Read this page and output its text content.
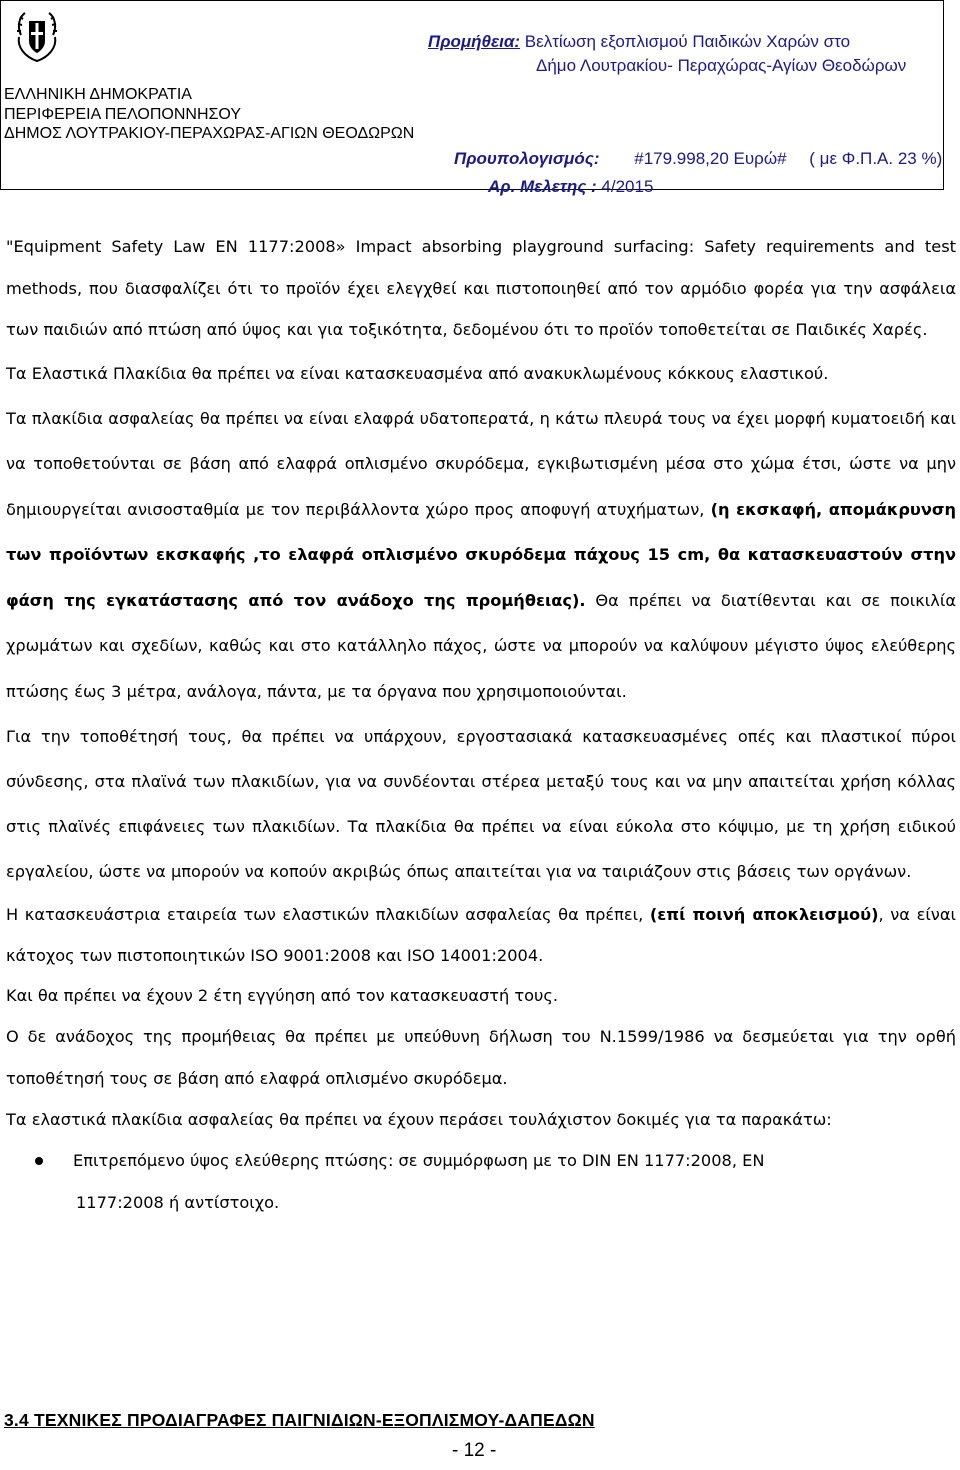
ΕΛΛΗΝΙΚΗ ΔΗΜΟΚΡΑΤΙΑ
ΠΕΡΙΦΕΡΕΙΑ ΠΕΛΟΠΟΝΝΗΣΟΥ
ΔΗΜΟΣ ΛΟΥΤΡΑΚΙΟΥ-ΠΕΡΑΧΩΡΑΣ-ΑΓΙΩΝ ΘΕΟΔΩΡΩΝ
Προμήθεια: Βελτίωση εξοπλισμού Παιδικών Χαρών στο
Δήμο Λουτρακίου- Περαχώρας-Αγίων Θεοδώρων
Προυπολογισμός: #179.998,20 Ευρώ# ( με Φ.Π.Α. 23 %)
Αρ. Μελετης : 4/2015

"Equipment Safety Law EN 1177:2008» Impact absorbing playground surfacing: Safety requirements and test methods, που διασφαλίζει ότι το προϊόν έχει ελεγχθεί και πιστοποιηθεί από τον αρμόδιο φορέα για την ασφάλεια των παιδιών από πτώση από ύψος και για τοξικότητα, δεδομένου ότι το προϊόν τοποθετείται σε Παιδικές Χαρές.

Τα Ελαστικά Πλακίδια θα πρέπει να είναι κατασκευασμένα από ανακυκλωμένους κόκκους ελαστικού.

Τα πλακίδια ασφαλείας θα πρέπει να είναι ελαφρά υδατοπερατά, η κάτω πλευρά τους να έχει μορφή κυματοειδή και να τοποθετούνται σε βάση από ελαφρά οπλισμένο σκυρόδεμα, εγκιβωτισμένη μέσα στο χώμα έτσι, ώστε να μην δημιουργείται ανισοσταθμία με τον περιβάλλοντα χώρο προς αποφυγή ατυχήματων, (η εκσκαφή, απομάκρυνση των προϊόντων εκσκαφής ,το ελαφρά οπλισμένο σκυρόδεμα πάχους 15 cm, θα κατασκευαστούν στην φάση της εγκατάστασης από τον ανάδοχο της προμήθειας). Θα πρέπει να διατίθενται και σε ποικιλία χρωμάτων και σχεδίων, καθώς και στο κατάλληλο πάχος, ώστε να μπορούν να καλύψουν μέγιστο ύψος ελεύθερης πτώσης έως 3 μέτρα, ανάλογα, πάντα, με τα όργανα που χρησιμοποιούνται.

Για την τοποθέτησή τους, θα πρέπει να υπάρχουν, εργοστασιακά κατασκευασμένες οπές και πλαστικοί πύροι σύνδεσης, στα πλαϊνά των πλακιδίων, για να συνδέονται στέρεα μεταξύ τους και να μην απαιτείται χρήση κόλλας στις πλαϊνές επιφάνειες των πλακιδίων. Τα πλακίδια θα πρέπει να είναι εύκολα στο κόψιμο, με τη χρήση ειδικού εργαλείου, ώστε να μπορούν να κοπούν ακριβώς όπως απαιτείται για να ταιριάζουν στις βάσεις των οργάνων.

Η κατασκευάστρια εταιρεία των ελαστικών πλακιδίων ασφαλείας θα πρέπει, (επί ποινή αποκλεισμού), να είναι κάτοχος των πιστοποιητικών ISO 9001:2008 και ISO 14001:2004.

Και θα πρέπει να έχουν 2 έτη εγγύηση από τον κατασκευαστή τους.

Ο δε ανάδοχος της προμήθειας θα πρέπει με υπεύθυνη δήλωση του Ν.1599/1986 να δεσμεύεται για την ορθή τοποθέτησή τους σε βάση από ελαφρά οπλισμένο σκυρόδεμα.

Τα ελαστικά πλακίδια ασφαλείας θα πρέπει να έχουν περάσει τουλάχιστον δοκιμές για τα παρακάτω:

Επιτρεπόμενο ύψος ελεύθερης πτώσης: σε συμμόρφωση με το DIN EN 1177:2008, EN
1177:2008 ή αντίστοιχο.
3.4 ΤΕΧΝΙΚΕΣ ΠΡΟΔΙΑΓΡΑΦΕΣ ΠΑΙΓΝΙΔΙΩΝ-ΕΞΟΠΛΙΣΜΟΥ-ΔΑΠΕΔΩΝ
- 12 -
